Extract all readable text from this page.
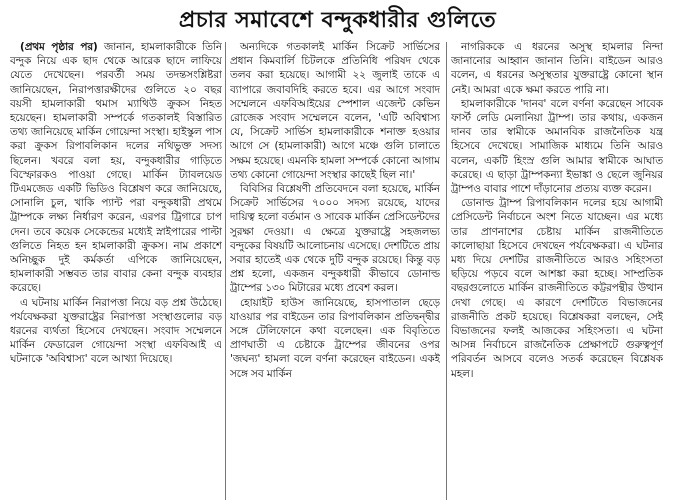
প্রচার সমাবেশে বন্দুকধারীর গুলিতে

(প্রথম পৃষ্ঠার পর) জানান, হামলাকারীকে তিনি বন্দুক নিয়ে এক ছাদ থেকে আরেক ছাদে লাফিয়ে যেতে দেখেছেন। পরবর্তী সময় তদন্তসংশ্লিষ্টরা জানিয়েছেন, নিরাপত্তারক্ষীদের গুলিতে ২০ বছর বয়সী হামলাকারী থমাস ম্যাথিউ ক্রুকস নিহত হয়েছেন। হামলাকারী সম্পর্কে গতকালই বিস্তারিত তথ্য জানিয়েছে মার্কিন গোয়েন্দা সংস্থা। হাইস্কুল পাস করা ক্রুকস রিপাবলিকান দলের নথিভুক্ত সদস্য ছিলেন। খবরে বলা হয়, বন্দুকধারীর গাড়িতে বিস্ফোরকও পাওয়া গেছে। মার্কিন ট্যাবলয়েড টিএমজেড একটি ভিডিও বিশ্লেষণ করে জানিয়েছে, সোনালি চুল, খাকি প্যান্ট পরা বন্দুকধারী প্রথমে ট্রাম্পকে লক্ষ্য নির্ধারণ করেন, এরপর ট্রিগারে চাপ দেন। তবে কয়েক সেকেন্ডের মধ্যেই স্নাইপারের পাল্টা গুলিতে নিহত হন হামলাকারী ক্রুকস। নাম প্রকাশে অনিচ্ছুক দুই কর্মকর্তা এপিকে জানিয়েছেন, হামলাকারী সম্ভবত তার বাবার কেনা বন্দুক ব্যবহার করেছে।

এ ঘটনায় মার্কিন নিরাপত্তা নিয়ে বড় প্রশ্ন উঠেছে। পর্যবেক্ষকরা যুক্তরাষ্ট্রের নিরাপত্তা সংস্থাগুলোর বড় ধরনের ব্যর্থতা হিসেবে দেখছেন। সংবাদ সম্মেলনে মার্কিন ফেডারেল গোয়েন্দা সংস্থা এফবিআই এ ঘটনাকে 'অবিশ্বাস্য' বলে আখ্যা দিয়েছে।

অন্যদিকে গতকালই মার্কিন সিক্রেট সার্ভিসের প্রধান কিমবার্লি চিটলকে প্রতিনিধি পরিষদ থেকে তলব করা হয়েছে। আগামী ২২ জুলাই তাকে এ ব্যাপারে জবাবদিহি করতে হবে। এর আগে সংবাদ সম্মেলনে এফবিআইয়ের স্পেশাল এজেন্ট কেভিন রোজেক সংবাদ সম্মেলনে বলেন, 'এটি অবিশ্বাস্য যে, সিক্রেট সার্ভিস হামলাকারীকে শনাক্ত হওয়ার আগে সে (হামলাকারী) আগে মঞ্চে গুলি চালাতে সক্ষম হয়েছে। এমনকি হামলা সম্পর্কে কোনো আগাম তথ্য কোনো গোয়েন্দা সংস্থার কাছেই ছিল না।'

বিবিসির বিশ্লেষণী প্রতিবেদনে বলা হয়েছে, মার্কিন সিক্রেট সার্ভিসের ৭০০০ সদস্য রয়েছে, যাদের দায়িত্ব হলো বর্তমান ও সাবেক মার্কিন প্রেসিডেন্টদের সুরক্ষা দেওয়া। এ ক্ষেত্রে যুক্তরাষ্ট্রে সহজলভ্য বন্দুকের বিষয়টি আলোচনায় এসেছে। দেশটিতে প্রায় সবার হাতেই এক থেকে দুটি বন্দুক রয়েছে। কিন্তু বড় প্রশ্ন হলো, একজন বন্দুকধারী কীভাবে ডোনাল্ড ট্রাম্পের ১৩০ মিটারের মধ্যে প্রবেশ করল।

হোয়াইট হাউস জানিয়েছে, হাসপাতাল ছেড়ে যাওয়ার পর বাইডেন তার রিপাবলিকান প্রতিদ্বন্দ্বীর সঙ্গে টেলিফোনে কথা বলেছেন। এক বিবৃতিতে প্রাণঘাতী এ চেষ্টাকে ট্রাম্পের জীবনের ওপর 'জঘন্য' হামলা বলে বর্ণনা করেছেন বাইডেন। একই সঙ্গে সব মার্কিন

নাগরিককে এ ধরনের অসুস্থ হামলার নিন্দা জানানোর আহ্বান জানান তিনি। বাইডেন আরও বলেন, এ ধরনের অসুস্থতার যুক্তরাষ্ট্রে কোনো স্থান নেই। আমরা একে ক্ষমা করতে পারি না।

হামলাকারীকে 'দানব' বলে বর্ণনা করেছেন সাবেক ফার্স্ট লেডি মেলানিয়া ট্রাম্প। তার কথায়, একজন দানব তার স্বামীকে অমানবিক রাজনৈতিক যন্ত্র হিসেবে দেখেছে। সামাজিক মাধ্যমে তিনি আরও বলেন, একটি হিংস্র গুলি আমার স্বামীকে আঘাত করেছে। এ ছাড়া ট্রাম্পকন্যা ইভাঙ্কা ও ছেলে জুনিয়র ট্রাম্পও বাবার পাশে দাঁড়ানোর প্রত্যয় ব্যক্ত করেন।

ডোনাল্ড ট্রাম্প রিপাবলিকান দলের হয়ে আগামী প্রেসিডেন্ট নির্বাচনে অংশ নিতে যাচ্ছেন। এর মধ্যে তার প্রাণনাশের চেষ্টায় মার্কিন রাজনীতিতে কালোছায়া হিসেবে দেখছেন পর্যবেক্ষকরা। এ ঘটনার মধ্য দিয়ে দেশটির রাজনীতিতে আরও সহিংসতা ছড়িয়ে পড়বে বলে আশঙ্কা করা হচ্ছে। সাম্প্রতিক বছরগুলোতে মার্কিন রাজনীতিতে কট্টরপন্থীর উত্থান দেখা গেছে। এ কারণে দেশটিতে বিভাজনের রাজনীতি প্রকট হয়েছে। বিশ্লেষকরা বলছেন, সেই বিভাজনের ফলই আজকের সহিংসতা। এ ঘটনা আসন্ন নির্বাচনে রাজনৈতিক প্রেক্ষাপটে গুরুত্বপূর্ণ পরিবর্তন আসবে বলেও সতর্ক করেছেন বিশ্লেষক মহল।
